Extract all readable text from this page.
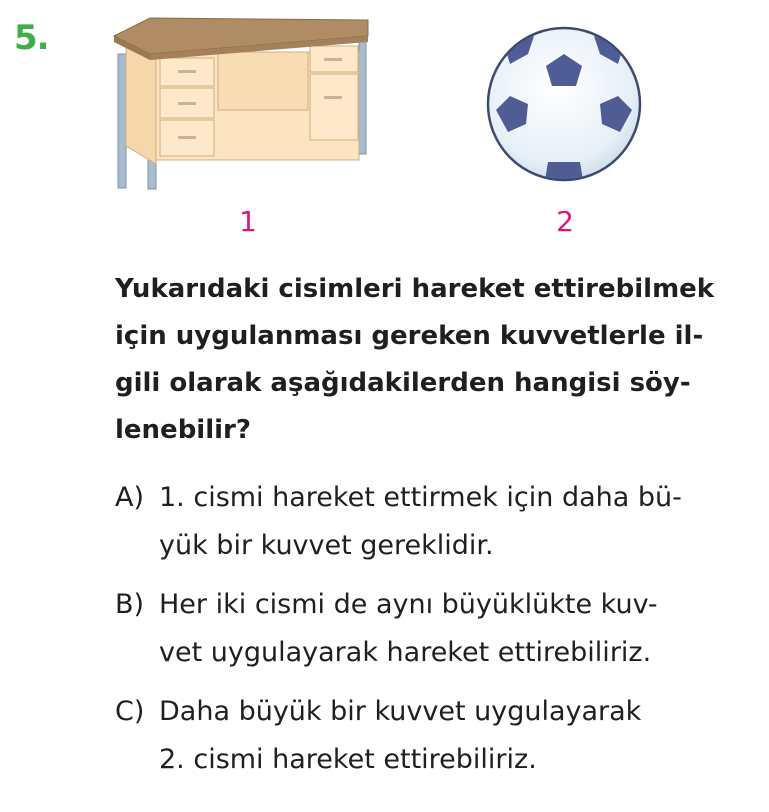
5.
1	2
Yukarıdaki cisimleri hareket ettirebilmek
için uygulanması gereken kuvvetlerle il-
gili olarak aşağıdakilerden hangisi söy-
lenebilir?
A) 1. cismi hareket ettirmek için daha bü-
yük bir kuvvet gereklidir.
B) Her iki cismi de aynı büyüklükte kuv-
vet uygulayarak hareket ettirebiliriz.
C) Daha büyük bir kuvvet uygulayarak
2. cismi hareket ettirebiliriz.
